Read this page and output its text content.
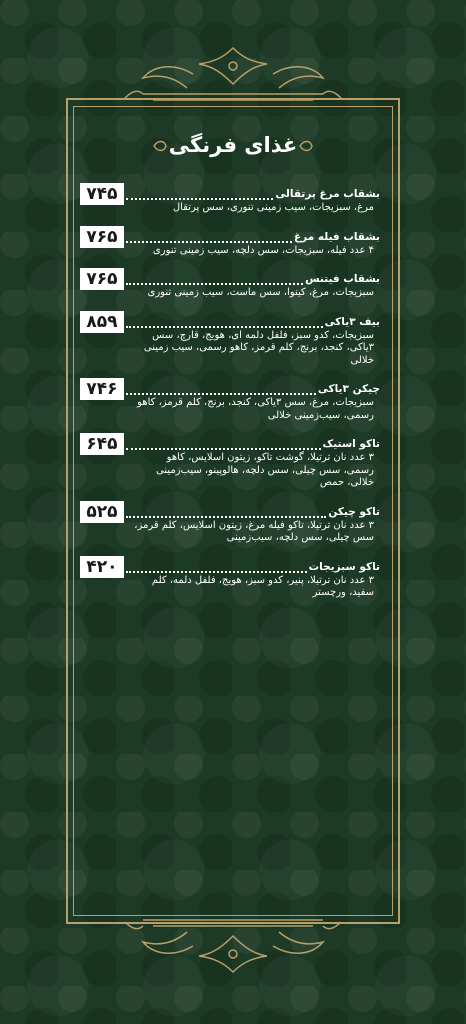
غذای فرنگی
بشقاب مرغ پرتقالی
۷۴۵
مرغ، سبزیجات، سیب زمینی تنوری، سس پرتقال
بشقاب فیله مرغ
۷۶۵
۴ عدد فیله، سبزیجات، سس دلچه، سیب زمینی تنوری
بشقاب فیتنس
۷۶۵
سبزیجات، مرغ، کینوا، سس ماست، سیب زمینی تنوری
بیف ۳یاکی
۸۵۹
سبزیجات، کدو سبز، فلفل دلمه ای، هویج، قارچ، سس ۳یاکی، کنجد، برنج، کلم قرمز، کاهو رسمی، سیب زمینی خلالی
چیکن ۳یاکی
۷۴۶
سبزیجات، مرغ، سس ۳یاکی، کنجد، برنج، کلم قرمز، کاهو رسمی، سیب‌زمینی خلالی
تاکو استیک
۶۴۵
۳ عدد نان ترتیلا، گوشت تاکو، زیتون اسلایس، کاهو رسمی، سس چیلی، سس دلچه، هالوپینو، سیب‌زمینی خلالی، حمص
تاکو چیکن
۵۲۵
۳ عدد نان ترتیلا، تاکو فیله مرغ، زیتون اسلایس، کلم قرمز، سس چیلی، سس دلچه، سیب‌زمینی
تاکو سبزیجات
۴۲۰
۳ عدد نان ترتیلا، پنیر، کدو سبز، هویج، فلفل دلمه، کلم سفید، ورچستر
